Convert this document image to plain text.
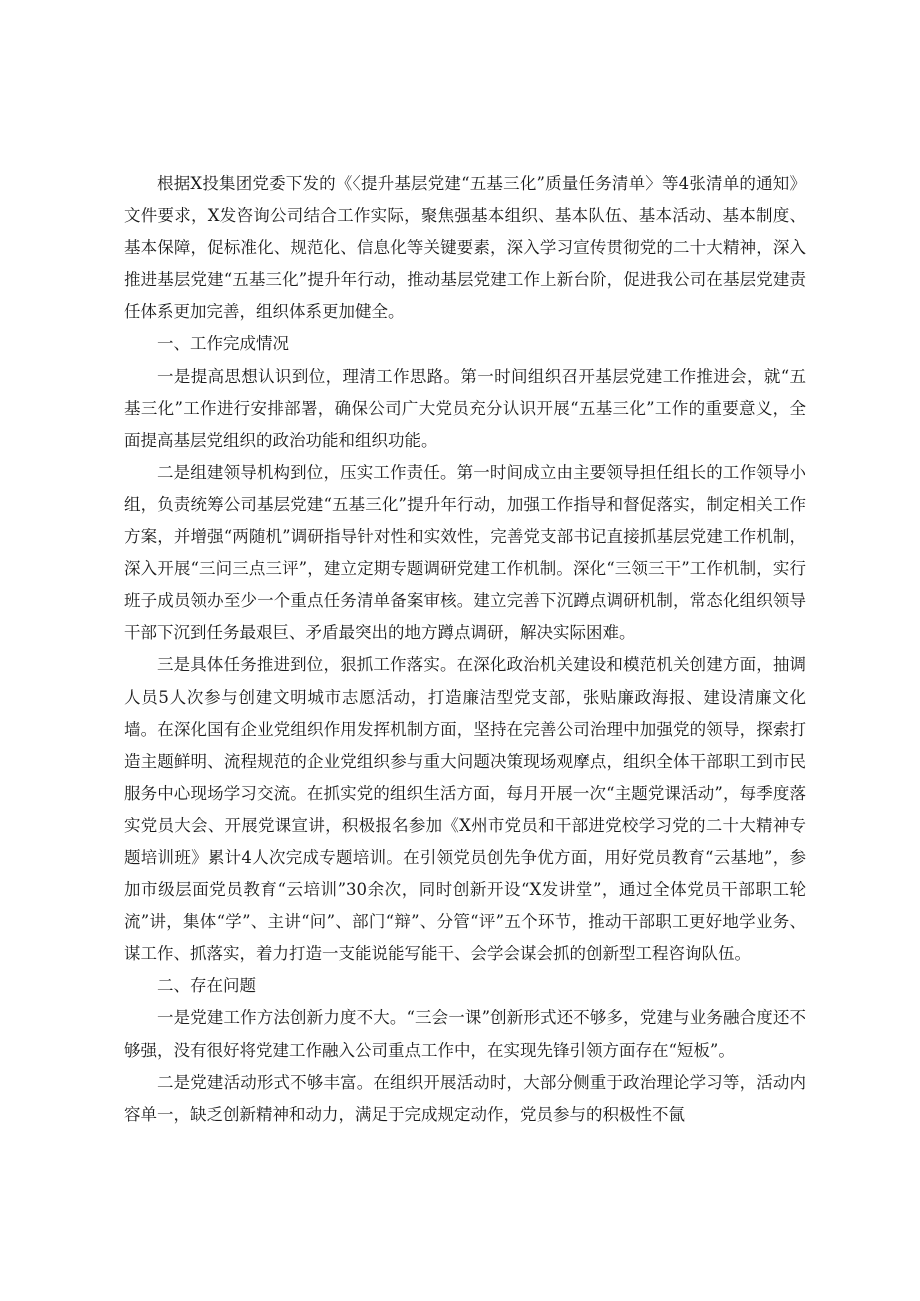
根据X投集团党委下发的《〈提升基层党建“五基三化”质量任务清单〉等4张清单的通知》文件要求，X发咨询公司结合工作实际，聚焦强基本组织、基本队伍、基本活动、基本制度、基本保障，促标准化、规范化、信息化等关键要素，深入学习宣传贯彻党的二十大精神，深入推进基层党建“五基三化”提升年行动，推动基层党建工作上新台阶，促进我公司在基层党建责任体系更加完善，组织体系更加健全。

一、工作完成情况

一是提高思想认识到位，理清工作思路。第一时间组织召开基层党建工作推进会，就“五基三化”工作进行安排部署，确保公司广大党员充分认识开展“五基三化”工作的重要意义，全面提高基层党组织的政治功能和组织功能。

二是组建领导机构到位，压实工作责任。第一时间成立由主要领导担任组长的工作领导小组，负责统筹公司基层党建“五基三化”提升年行动，加强工作指导和督促落实，制定相关工作方案，并增强“两随机”调研指导针对性和实效性，完善党支部书记直接抓基层党建工作机制，深入开展“三问三点三评”，建立定期专题调研党建工作机制。深化“三领三干”工作机制，实行班子成员领办至少一个重点任务清单备案审核。建立完善下沉蹲点调研机制，常态化组织领导干部下沉到任务最艰巨、矛盾最突出的地方蹲点调研，解决实际困难。

三是具体任务推进到位，狠抓工作落实。在深化政治机关建设和模范机关创建方面，抽调人员5人次参与创建文明城市志愿活动，打造廉洁型党支部，张贴廉政海报、建设清廉文化墙。在深化国有企业党组织作用发挥机制方面，坚持在完善公司治理中加强党的领导，探索打造主题鲜明、流程规范的企业党组织参与重大问题决策现场观摩点，组织全体干部职工到市民服务中心现场学习交流。在抓实党的组织生活方面，每月开展一次“主题党课活动”，每季度落实党员大会、开展党课宣讲，积极报名参加《X州市党员和干部进党校学习党的二十大精神专题培训班》累计4人次完成专题培训。在引领党员创先争优方面，用好党员教育“云基地”，参加市级层面党员教育“云培训”30余次，同时创新开设“X发讲堂”，通过全体党员干部职工轮流”讲，集体“学”、主讲“问”、部门“辩”、分管“评”五个环节，推动干部职工更好地学业务、谋工作、抓落实，着力打造一支能说能写能干、会学会谋会抓的创新型工程咨询队伍。

二、存在问题

一是党建工作方法创新力度不大。“三会一课”创新形式还不够多，党建与业务融合度还不够强，没有很好将党建工作融入公司重点工作中，在实现先锋引领方面存在“短板”。

二是党建活动形式不够丰富。在组织开展活动时，大部分侧重于政治理论学习等，活动内容单一，缺乏创新精神和动力，满足于完成规定动作，党员参与的积极性不氤
